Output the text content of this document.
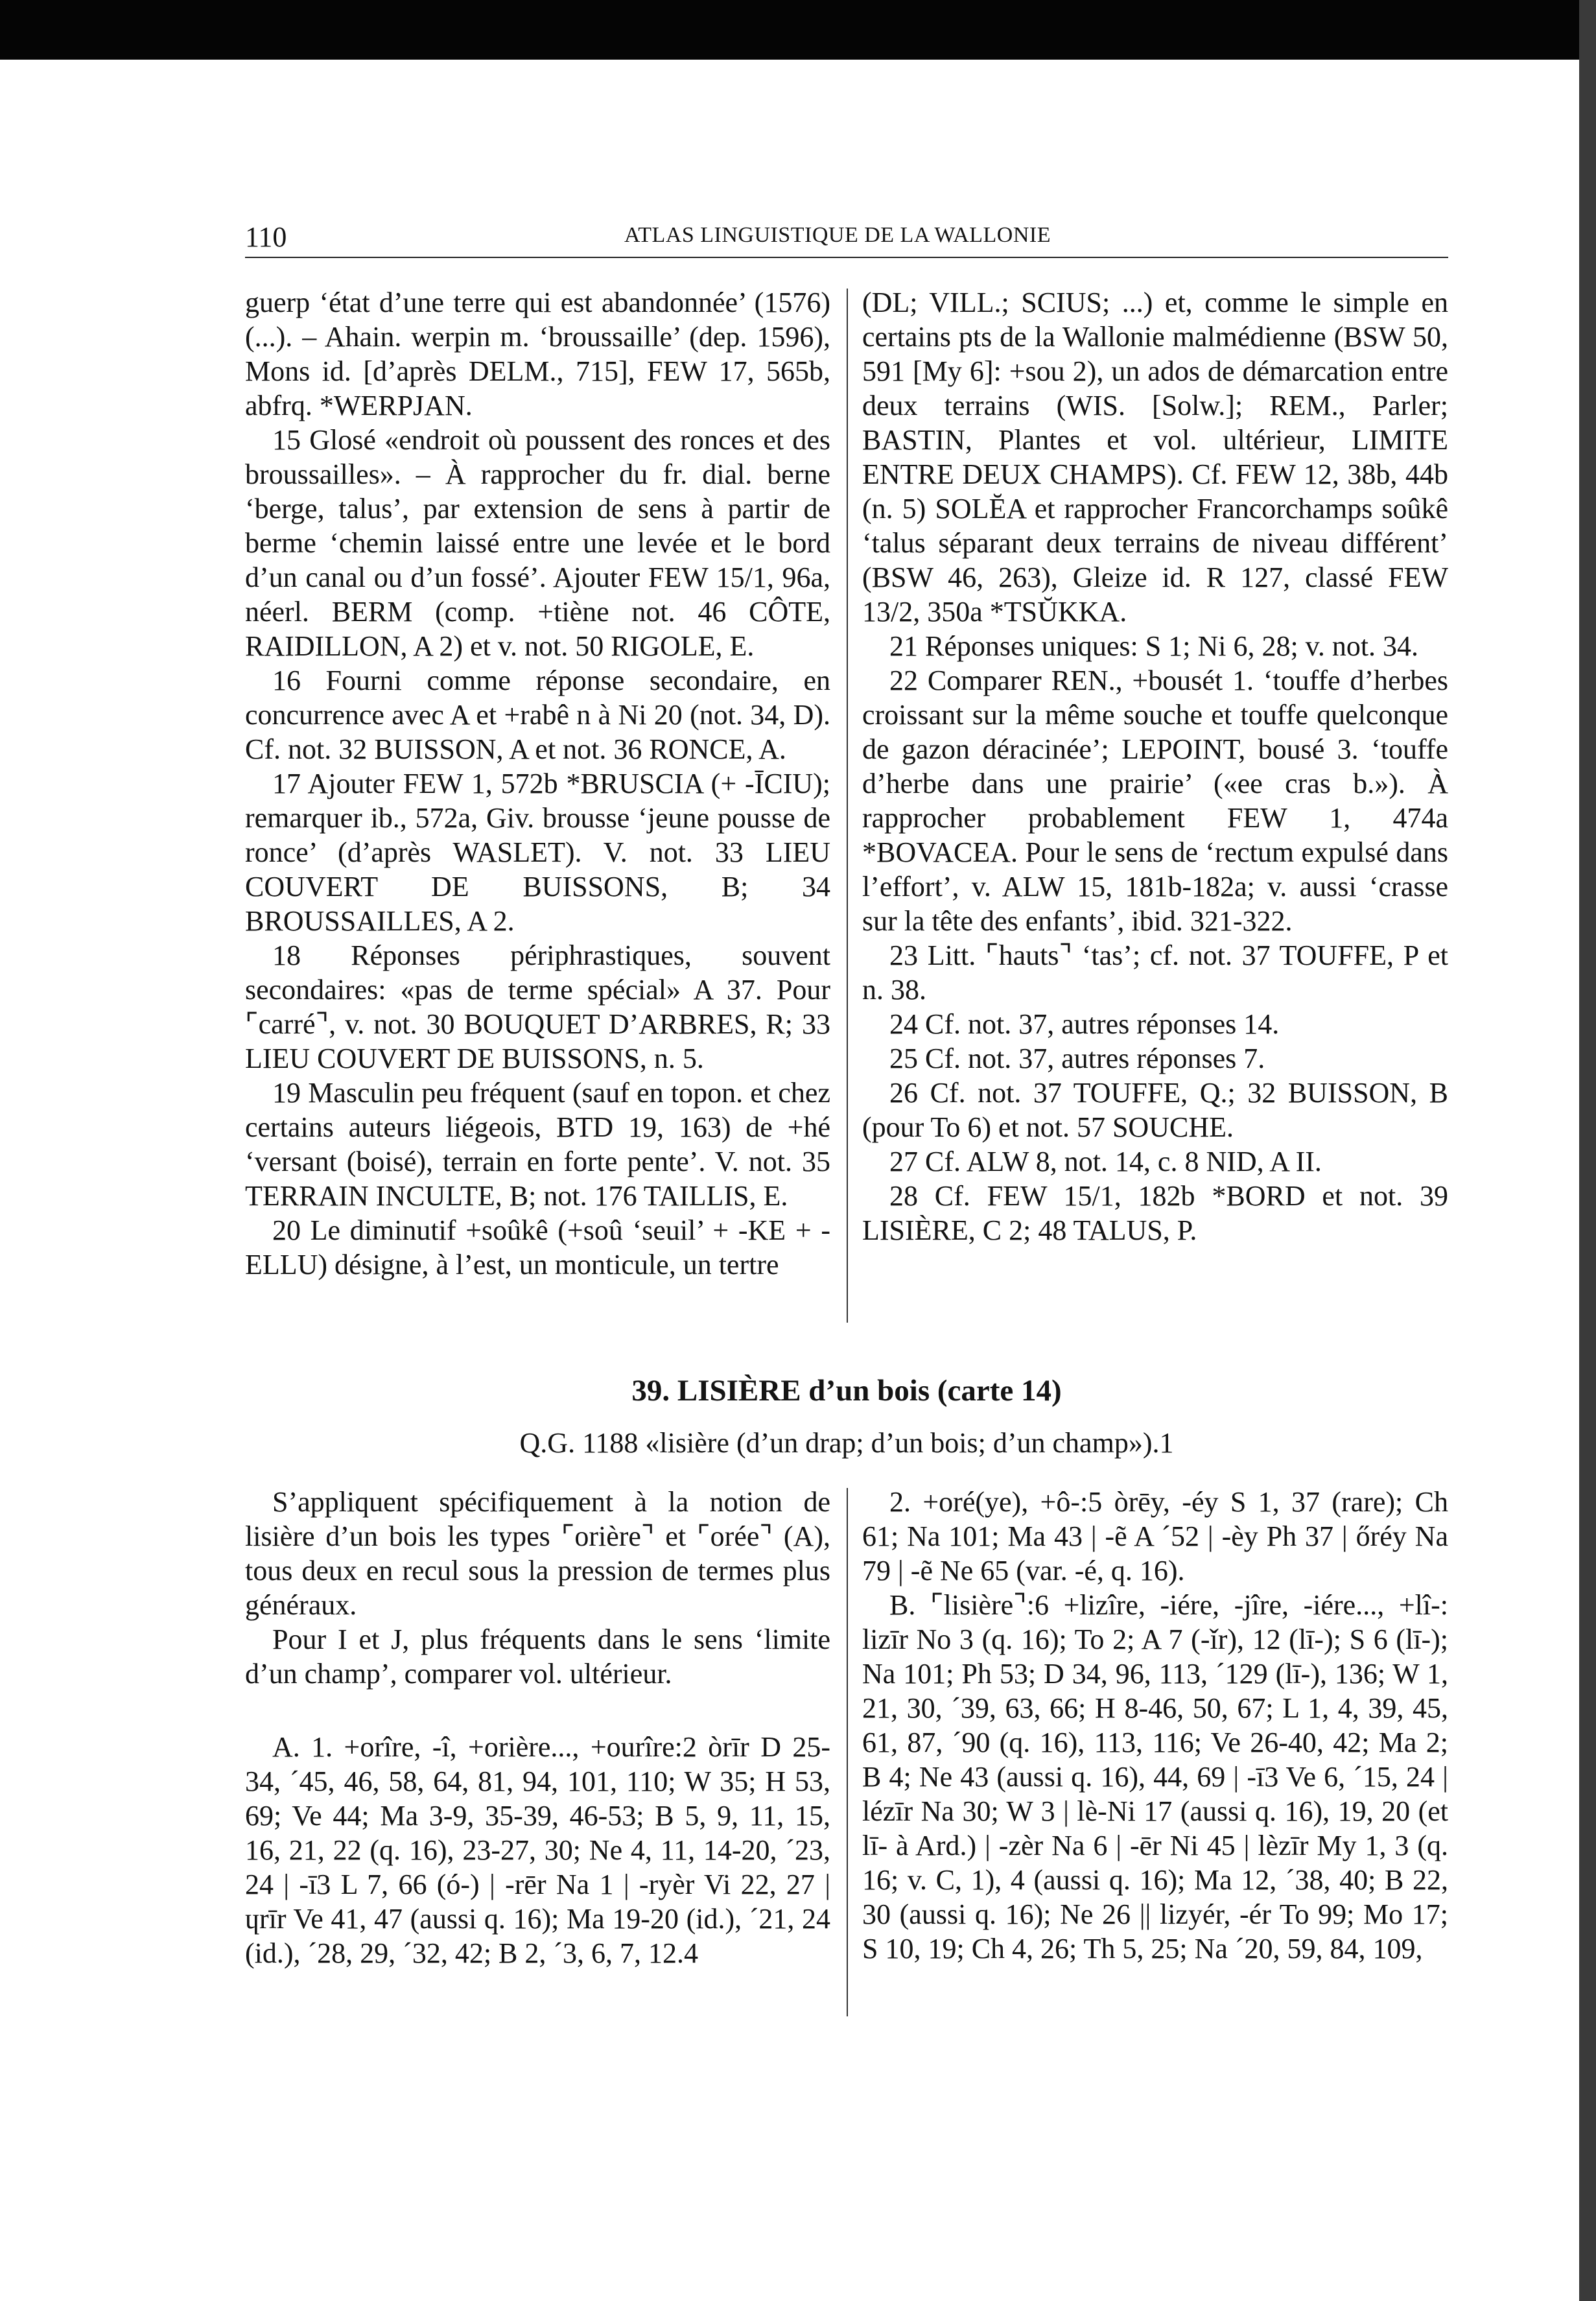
110	ATLAS LINGUISTIQUE DE LA WALLONIE

guerp ‘état d’une terre qui est abandonnée’ (1576) (...). – Ahain. werpin m. ‘broussaille’ (dep. 1596), Mons id. [d’après DELM., 715], FEW 17, 565b, abfrq. *WERPJAN.

15 Glosé «endroit où poussent des ronces et des broussailles». – À rapprocher du fr. dial. berne ‘berge, talus’, par extension de sens à partir de berme ‘chemin laissé entre une levée et le bord d’un canal ou d’un fossé’. Ajouter FEW 15/1, 96a, néerl. BERM (comp. +tiène not. 46 CÔTE, RAIDILLON, A 2) et v. not. 50 RIGOLE, E.

16 Fourni comme réponse secondaire, en concurrence avec A et +rabê n à Ni 20 (not. 34, D). Cf. not. 32 BUISSON, A et not. 36 RONCE, A.

17 Ajouter FEW 1, 572b *BRUSCIA (+ -ĪCIU); remarquer ib., 572a, Giv. brousse ‘jeune pousse de ronce’ (d’après WASLET). V. not. 33 LIEU COUVERT DE BUISSONS, B; 34 BROUSSAILLES, A 2.

18 Réponses périphrastiques, souvent secondaires: «pas de terme spécial» A 37. Pour ⌜carré⌝, v. not. 30 BOUQUET D’ARBRES, R; 33 LIEU COUVERT DE BUISSONS, n. 5.

19 Masculin peu fréquent (sauf en topon. et chez certains auteurs liégeois, BTD 19, 163) de +hé ‘versant (boisé), terrain en forte pente’. V. not. 35 TERRAIN INCULTE, B; not. 176 TAILLIS, E.

20 Le diminutif +soûkê (+soû ‘seuil’ + -KE + -ELLU) désigne, à l’est, un monticule, un tertre

(DL; VILL.; SCIUS; ...) et, comme le simple en certains pts de la Wallonie malmédienne (BSW 50, 591 [My 6]: +sou 2), un ados de démarcation entre deux terrains (WIS. [Solw.]; REM., Parler; BASTIN, Plantes et vol. ultérieur, LIMITE ENTRE DEUX CHAMPS). Cf. FEW 12, 38b, 44b (n. 5) SOLĔA et rapprocher Francorchamps soûkê ‘talus séparant deux terrains de niveau différent’ (BSW 46, 263), Gleize id. R 127, classé FEW 13/2, 350a *TSŬKKA.

21 Réponses uniques: S 1; Ni 6, 28; v. not. 34.

22 Comparer REN., +bousét 1. ‘touffe d’herbes croissant sur la même souche et touffe quelconque de gazon déracinée’; LEPOINT, bousé 3. ‘touffe d’herbe dans une prairie’ («ee cras b.»). À rapprocher probablement FEW 1, 474a *BOVACEA. Pour le sens de ‘rectum expulsé dans l’effort’, v. ALW 15, 181b-182a; v. aussi ‘crasse sur la tête des enfants’, ibid. 321-322.

23 Litt. ⌜hauts⌝ ‘tas’; cf. not. 37 TOUFFE, P et n. 38.

24 Cf. not. 37, autres réponses 14.

25 Cf. not. 37, autres réponses 7.

26 Cf. not. 37 TOUFFE, Q.; 32 BUISSON, B (pour To 6) et not. 57 SOUCHE.

27 Cf. ALW 8, not. 14, c. 8 NID, A II.

28 Cf. FEW 15/1, 182b *BORD et not. 39 LISIÈRE, C 2; 48 TALUS, P.

39. LISIÈRE d’un bois (carte 14)
Q.G. 1188 «lisière (d’un drap; d’un bois; d’un champ»).1

S’appliquent spécifiquement à la notion de lisière d’un bois les types ⌜orière⌝ et ⌜orée⌝ (A), tous deux en recul sous la pression de termes plus généraux.

Pour I et J, plus fréquents dans le sens ‘limite d’un champ’, comparer vol. ultérieur.

A. 1. +orîre, -î, +orière..., +ourîre:2 òrīr D 25-34, ´45, 46, 58, 64, 81, 94, 101, 110; W 35; H 53, 69; Ve 44; Ma 3-9, 35-39, 46-53; B 5, 9, 11, 15, 16, 21, 22 (q. 16), 23-27, 30; Ne 4, 11, 14-20, ´23, 24 | -ī3 L 7, 66 (ó-) | -rēr Na 1 | -ryèr Vi 22, 27 | ɥrīr Ve 41, 47 (aussi q. 16); Ma 19-20 (id.), ´21, 24 (id.), ´28, 29, ´32, 42; B 2, ´3, 6, 7, 12.4

2. +oré(ye), +ô-:5 òrēy, -éy S 1, 37 (rare); Ch 61; Na 101; Ma 43 | -ẽ A ´52 | -èy Ph 37 | őréy Na 79 | -ẽ Ne 65 (var. -é, q. 16).

B. ⌜lisière⌝:6 +lizîre, -iére, -jîre, -iére..., +lî-: lizīr No 3 (q. 16); To 2; A 7 (-ǐr), 12 (lī-); S 6 (lī-); Na 101; Ph 53; D 34, 96, 113, ´129 (lī-), 136; W 1, 21, 30, ´39, 63, 66; H 8-46, 50, 67; L 1, 4, 39, 45, 61, 87, ´90 (q. 16), 113, 116; Ve 26-40, 42; Ma 2; B 4; Ne 43 (aussi q. 16), 44, 69 | -ī3 Ve 6, ´15, 24 | lézīr Na 30; W 3 | lè-Ni 17 (aussi q. 16), 19, 20 (et lī- à Ard.) | -zèr Na 6 | -ēr Ni 45 | lèzīr My 1, 3 (q. 16; v. C, 1), 4 (aussi q. 16); Ma 12, ´38, 40; B 22, 30 (aussi q. 16); Ne 26 || lizyér, -ér To 99; Mo 17; S 10, 19; Ch 4, 26; Th 5, 25; Na ´20, 59, 84, 109,
